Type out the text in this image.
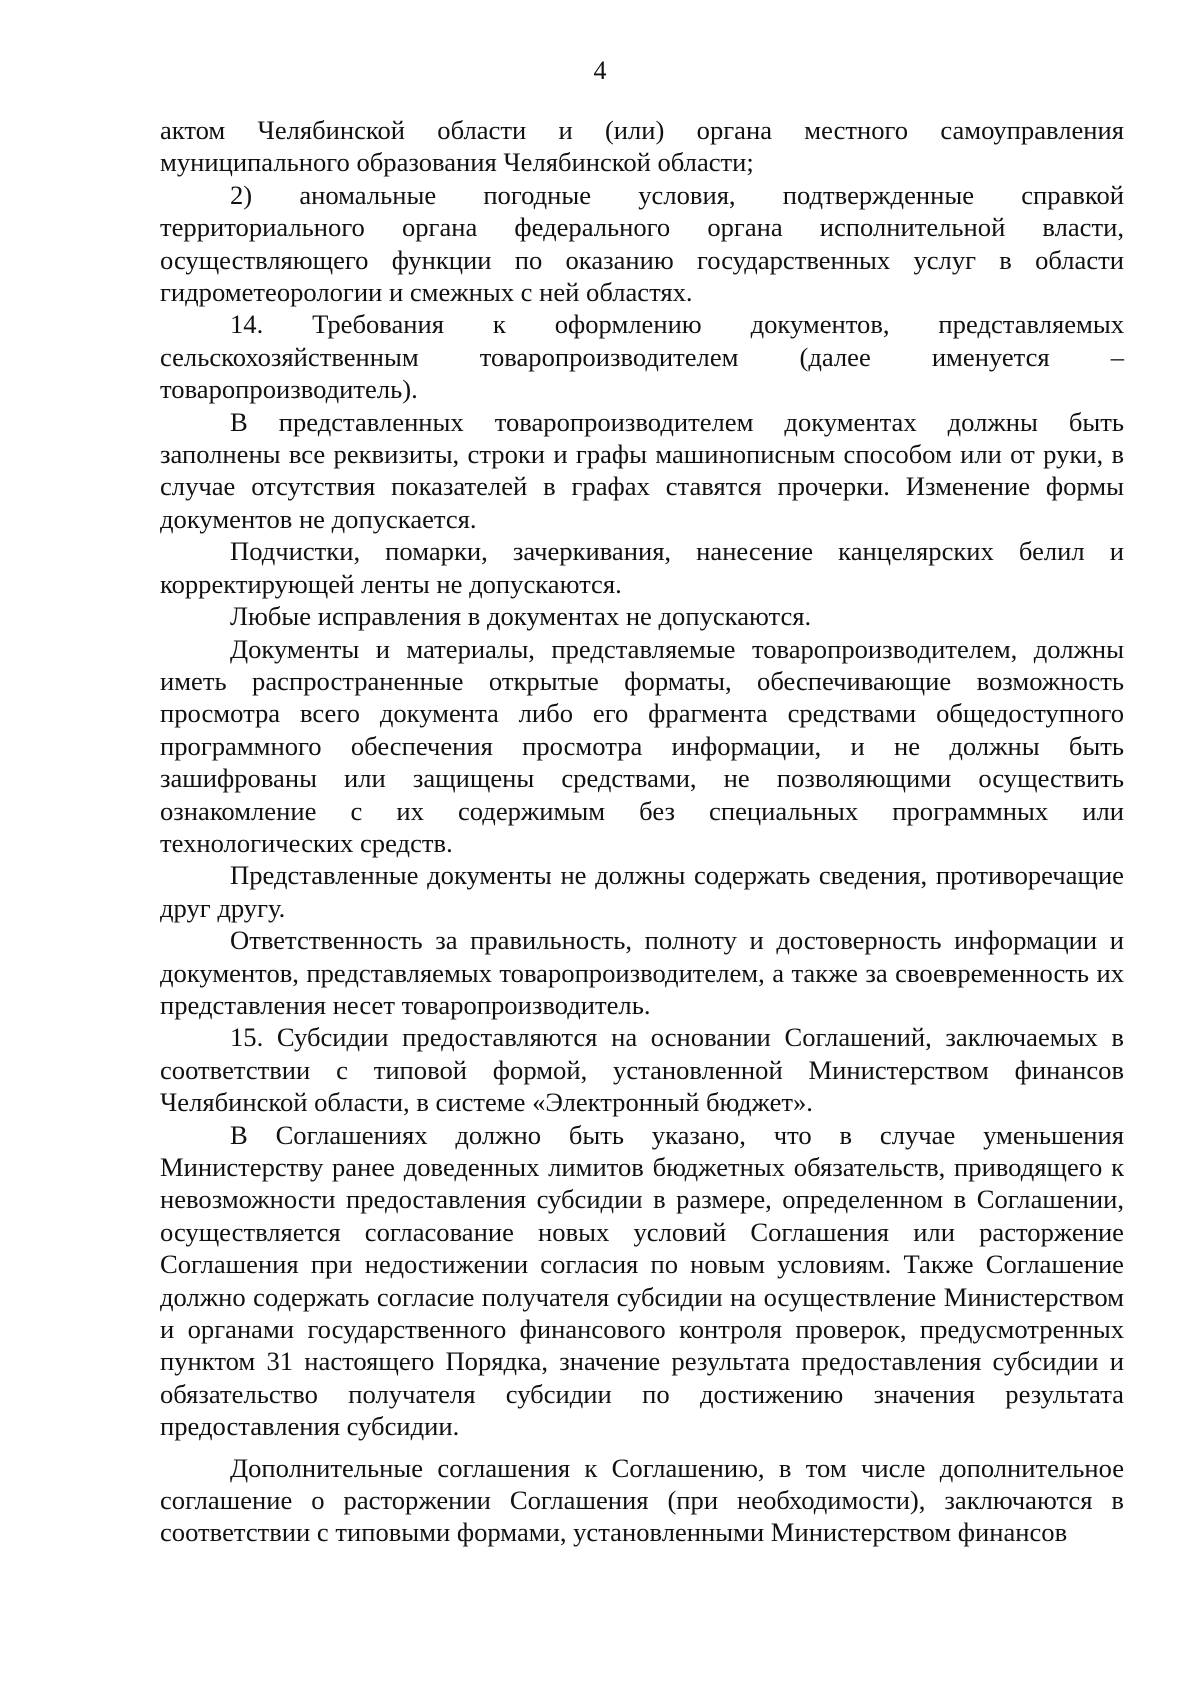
4

актом Челябинской области и (или) органа местного самоуправления муниципального образования Челябинской области;

2) аномальные погодные условия, подтвержденные справкой территориального органа федерального органа исполнительной власти, осуществляющего функции по оказанию государственных услуг в области гидрометеорологии и смежных с ней областях.

14. Требования к оформлению документов, представляемых сельскохозяйственным товаропроизводителем (далее именуется – товаропроизводитель).

В представленных товаропроизводителем документах должны быть заполнены все реквизиты, строки и графы машинописным способом или от руки, в случае отсутствия показателей в графах ставятся прочерки. Изменение формы документов не допускается.

Подчистки, помарки, зачеркивания, нанесение канцелярских белил и корректирующей ленты не допускаются.

Любые исправления в документах не допускаются.

Документы и материалы, представляемые товаропроизводителем, должны иметь распространенные открытые форматы, обеспечивающие возможность просмотра всего документа либо его фрагмента средствами общедоступного программного обеспечения просмотра информации, и не должны быть зашифрованы или защищены средствами, не позволяющими осуществить ознакомление с их содержимым без специальных программных или технологических средств.

Представленные документы не должны содержать сведения, противоречащие друг другу.

Ответственность за правильность, полноту и достоверность информации и документов, представляемых товаропроизводителем, а также за своевременность их представления несет товаропроизводитель.

15. Субсидии предоставляются на основании Соглашений, заключаемых в соответствии с типовой формой, установленной Министерством финансов Челябинской области, в системе «Электронный бюджет».

В Соглашениях должно быть указано, что в случае уменьшения Министерству ранее доведенных лимитов бюджетных обязательств, приводящего к невозможности предоставления субсидии в размере, определенном в Соглашении, осуществляется согласование новых условий Соглашения или расторжение Соглашения при недостижении согласия по новым условиям. Также Соглашение должно содержать согласие получателя субсидии на осуществление Министерством и органами государственного финансового контроля проверок, предусмотренных пунктом 31 настоящего Порядка, значение результата предоставления субсидии и обязательство получателя субсидии по достижению значения результата предоставления субсидии.

Дополнительные соглашения к Соглашению, в том числе дополнительное соглашение о расторжении Соглашения (при необходимости), заключаются в соответствии с типовыми формами, установленными Министерством финансов
